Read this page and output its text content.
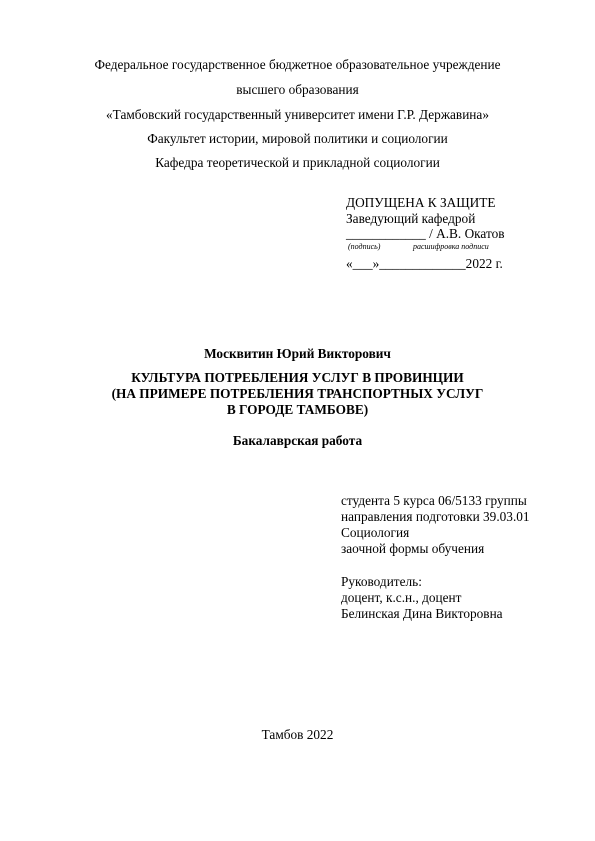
Федеральное государственное бюджетное образовательное учреждение
высшего образования
«Тамбовский государственный университет имени Г.Р. Державина»
Факультет истории, мировой политики и социологии
Кафедра теоретической и прикладной социологии
ДОПУЩЕНА К ЗАЩИТЕ
Заведующий кафедрой
____________ / А.В. Окатов
(подпись)	расшифровка подписи
«___»_____________2022 г.
Москвитин Юрий Викторович
КУЛЬТУРА ПОТРЕБЛЕНИЯ УСЛУГ В ПРОВИНЦИИ
(НА ПРИМЕРЕ ПОТРЕБЛЕНИЯ ТРАНСПОРТНЫХ УСЛУГ
В ГОРОДЕ ТАМБОВЕ)
Бакалаврская работа
студента 5 курса 06/5133 группы
направления подготовки 39.03.01
Социология
заочной формы обучения
Руководитель:
доцент, к.с.н., доцент
Белинская Дина Викторовна
Тамбов 2022
